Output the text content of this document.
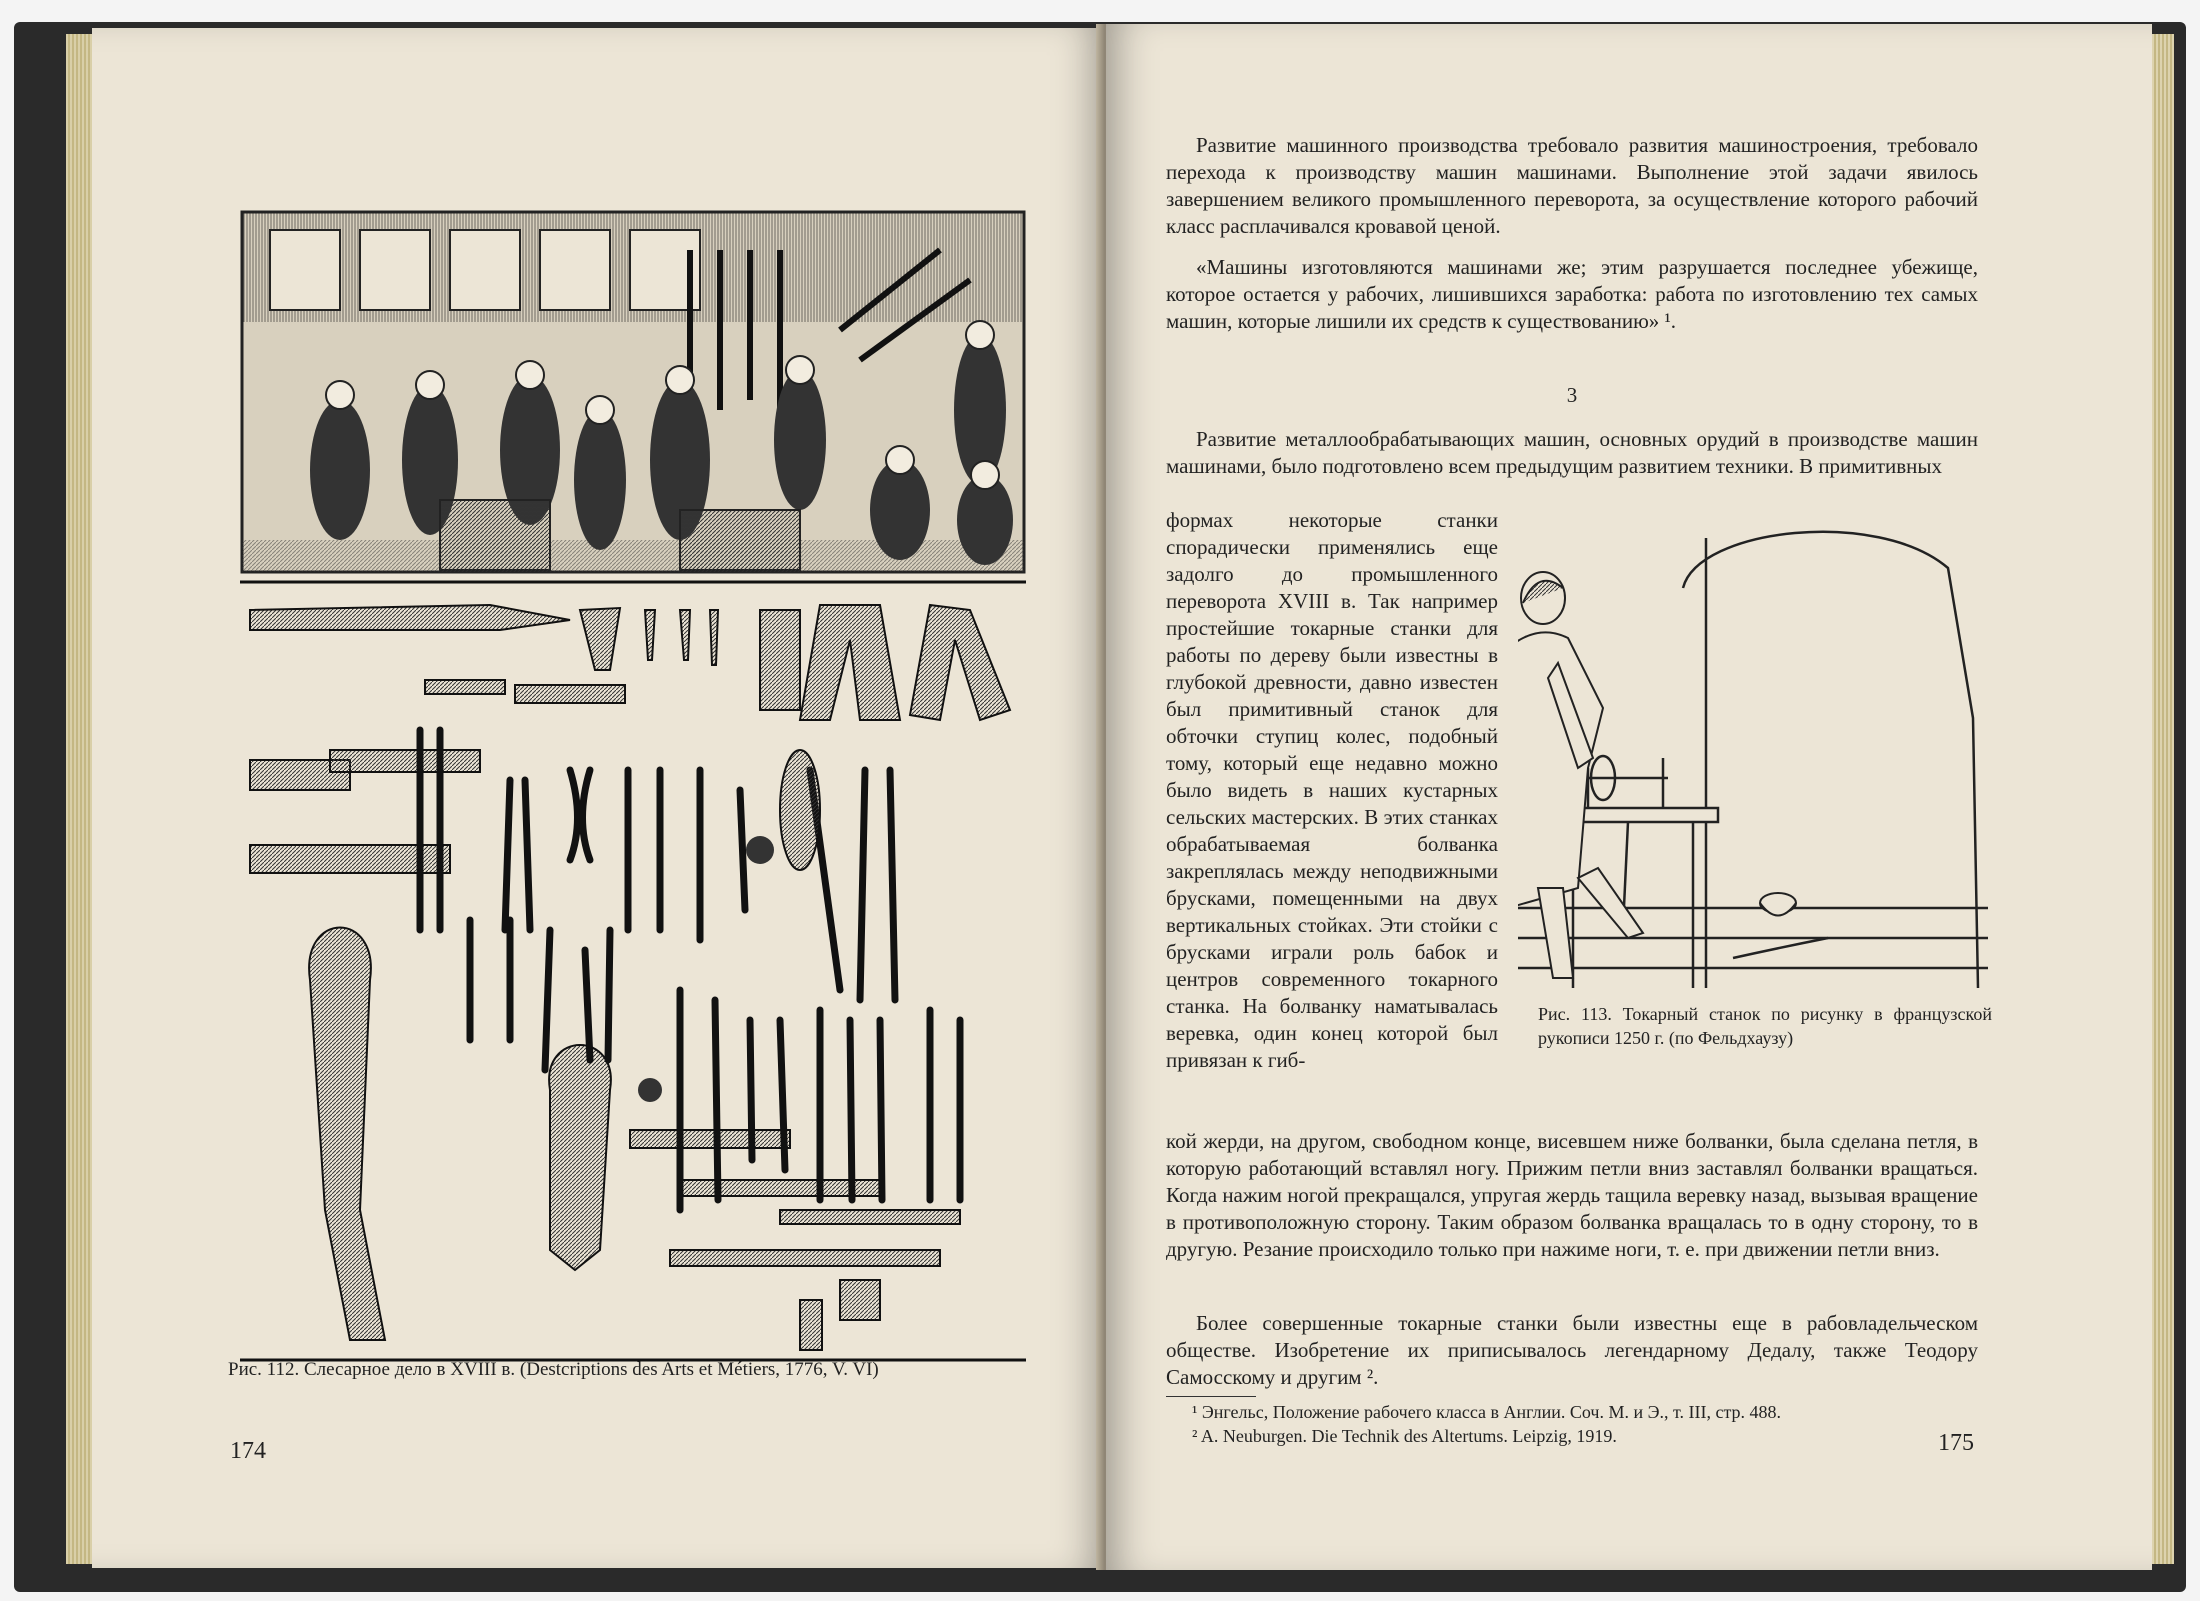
Рис. 112. Слесарное дело в XVIII в. (Destcriptions des Arts et Métiers, 1776, V. VI)
174
Развитие машинного производства требовало развития машиностроения, требовало перехода к производству машин машинами. Выполнение этой задачи явилось завершением великого промышленного переворота, за осуществление которого рабочий класс расплачивался кровавой ценой.
«Машины изготовляются машинами же; этим разрушается последнее убежище, которое остается у рабочих, лишившихся заработка: работа по изготовлению тех самых машин, которые лишили их средств к существованию» ¹.
3
Развитие металлообрабатывающих машин, основных орудий в производстве машин машинами, было подготовлено всем предыдущим развитием техники. В примитивных
формах некоторые станки спорадически применялись еще задолго до промышленного переворота XVIII в. Так например простейшие токарные станки для работы по дереву были известны в глубокой древности, давно известен был примитивный станок для обточки ступиц колес, подобный тому, который еще недавно можно было видеть в наших кустарных сельских мастерских. В этих станках обрабатываемая болванка закреплялась между неподвижными брусками, помещенными на двух вертикальных стойках. Эти стойки с брусками играли роль бабок и центров современного токарного станка. На болванку наматывалась веревка, один конец которой был привязан к гиб-
Рис. 113. Токарный станок по рисунку в французской рукописи 1250 г. (по Фельдхаузу)
кой жерди, на другом, свободном конце, висевшем ниже болванки, была сделана петля, в которую работающий вставлял ногу. Прижим петли вниз заставлял болванки вращаться. Когда нажим ногой прекращался, упругая жердь тащила веревку назад, вызывая вращение в противоположную сторону. Таким образом болванка вращалась то в одну сторону, то в другую. Резание происходило только при нажиме ноги, т. е. при движении петли вниз.
Более совершенные токарные станки были известны еще в рабовладельческом обществе. Изобретение их приписывалось легендарному Дедалу, также Теодору Самосскому и другим ².
¹ Энгельс, Положение рабочего класса в Англии. Соч. М. и Э., т. III, стр. 488.
² A. Neuburgen. Die Technik des Altertums. Leipzig, 1919.	175
